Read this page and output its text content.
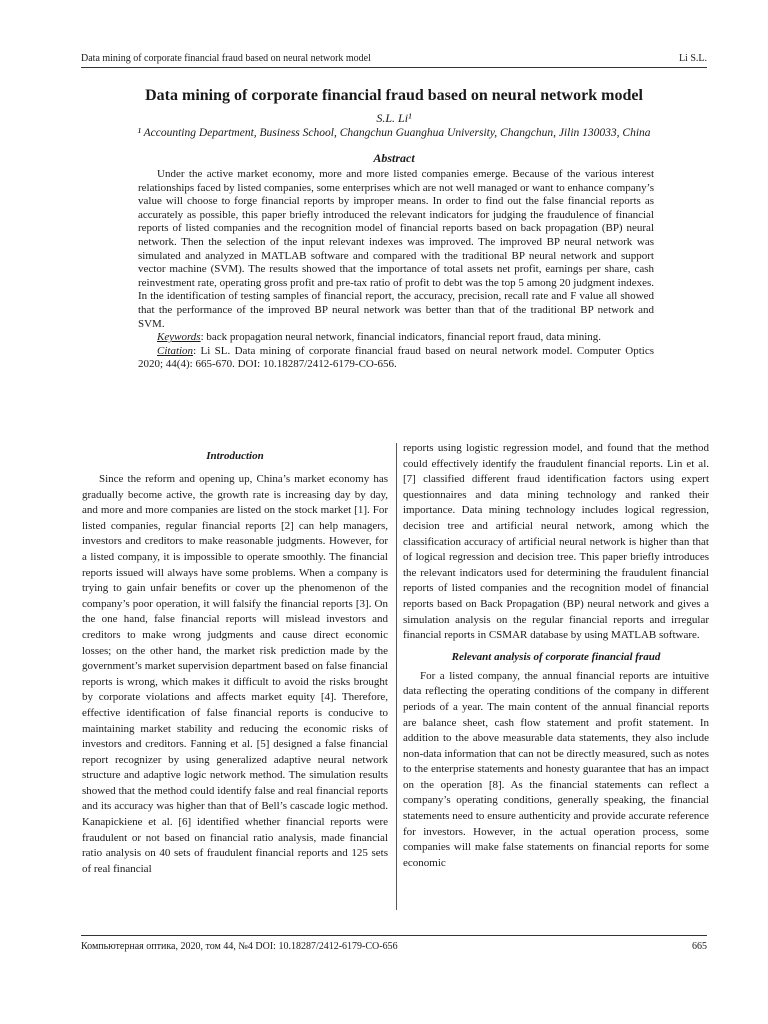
Data mining of corporate financial fraud based on neural network model	Li S.L.
Data mining of corporate financial fraud based on neural network model
S.L. Li¹
¹ Accounting Department, Business School, Changchun Guanghua University, Changchun, Jilin 130033, China
Abstract

Under the active market economy, more and more listed companies emerge. Because of the various interest relationships faced by listed companies, some enterprises which are not well managed or want to enhance company’s value will choose to forge financial reports by improper means. In order to find out the false financial reports as accurately as possible, this paper briefly introduced the relevant indicators for judging the fraudulence of financial reports of listed companies and the recognition model of financial reports based on back propagation (BP) neural network. Then the selection of the input relevant indexes was improved. The improved BP neural network was simulated and analyzed in MATLAB software and compared with the traditional BP neural network and support vector machine (SVM). The results showed that the importance of total assets net profit, earnings per share, cash reinvestment rate, operating gross profit and pre-tax ratio of profit to debt was the top 5 among 20 judgment indexes. In the identification of testing samples of financial report, the accuracy, precision, recall rate and F value all showed that the performance of the improved BP neural network was better than that of the traditional BP network and SVM.

Keywords: back propagation neural network, financial indicators, financial report fraud, data mining.

Citation: Li SL. Data mining of corporate financial fraud based on neural network model. Computer Optics 2020; 44(4): 665-670. DOI: 10.18287/2412-6179-CO-656.

Introduction

Since the reform and opening up, China’s market economy has gradually become active, the growth rate is increasing day by day, and more and more companies are listed on the stock market [1]. For listed companies, regular financial reports [2] can help managers, investors and creditors to make reasonable judgments. However, for a listed company, it is impossible to operate smoothly. The financial reports issued will always have some problems. When a company is trying to gain unfair benefits or cover up the phenomenon of the company’s poor operation, it will falsify the financial reports [3]. On the one hand, false financial reports will mislead investors and creditors to make wrong judgments and cause direct economic losses; on the other hand, the market risk prediction made by the government’s market supervision department based on false financial reports is wrong, which makes it difficult to avoid the risks brought by corporate violations and affects market equity [4]. Therefore, effective identification of false financial reports is conducive to maintaining market stability and reducing the economic risks of investors and creditors. Fanning et al. [5] designed a false financial report recognizer by using generalized adaptive neural network structure and adaptive logic network method. The simulation results showed that the method could identify false and real financial reports and its accuracy was higher than that of Bell’s cascade logic method. Kanapickiene et al. [6] identified whether financial reports were fraudulent or not based on financial ratio analysis, made financial ratio analysis on 40 sets of fraudulent financial reports and 125 sets of real financial

reports using logistic regression model, and found that the method could effectively identify the fraudulent financial reports. Lin et al. [7] classified different fraud identification factors using expert questionnaires and data mining technology and ranked their importance. Data mining technology includes logical regression, decision tree and artificial neural network, among which the classification accuracy of artificial neural network is higher than that of logical regression and decision tree. This paper briefly introduces the relevant indicators used for determining the fraudulent financial reports of listed companies and the recognition model of financial reports based on Back Propagation (BP) neural network and gives a simulation analysis on the regular financial reports and irregular financial reports in CSMAR database by using MATLAB software.

Relevant analysis of corporate financial fraud

For a listed company, the annual financial reports are intuitive data reflecting the operating conditions of the company in different periods of a year. The main content of the annual financial reports are balance sheet, cash flow statement and profit statement. In addition to the above measurable data statements, they also include non-data information that can not be directly measured, such as notes to the enterprise statements and honesty guarantee that has an impact on the operation [8]. As the financial statements can reflect a company’s operating conditions, generally speaking, the financial statements need to ensure authenticity and provide accurate reference for investors. However, in the actual operation process, some companies will make false statements on financial reports for some economic

Компьютерная оптика, 2020, том 44, №4 DOI: 10.18287/2412-6179-CO-656	665
